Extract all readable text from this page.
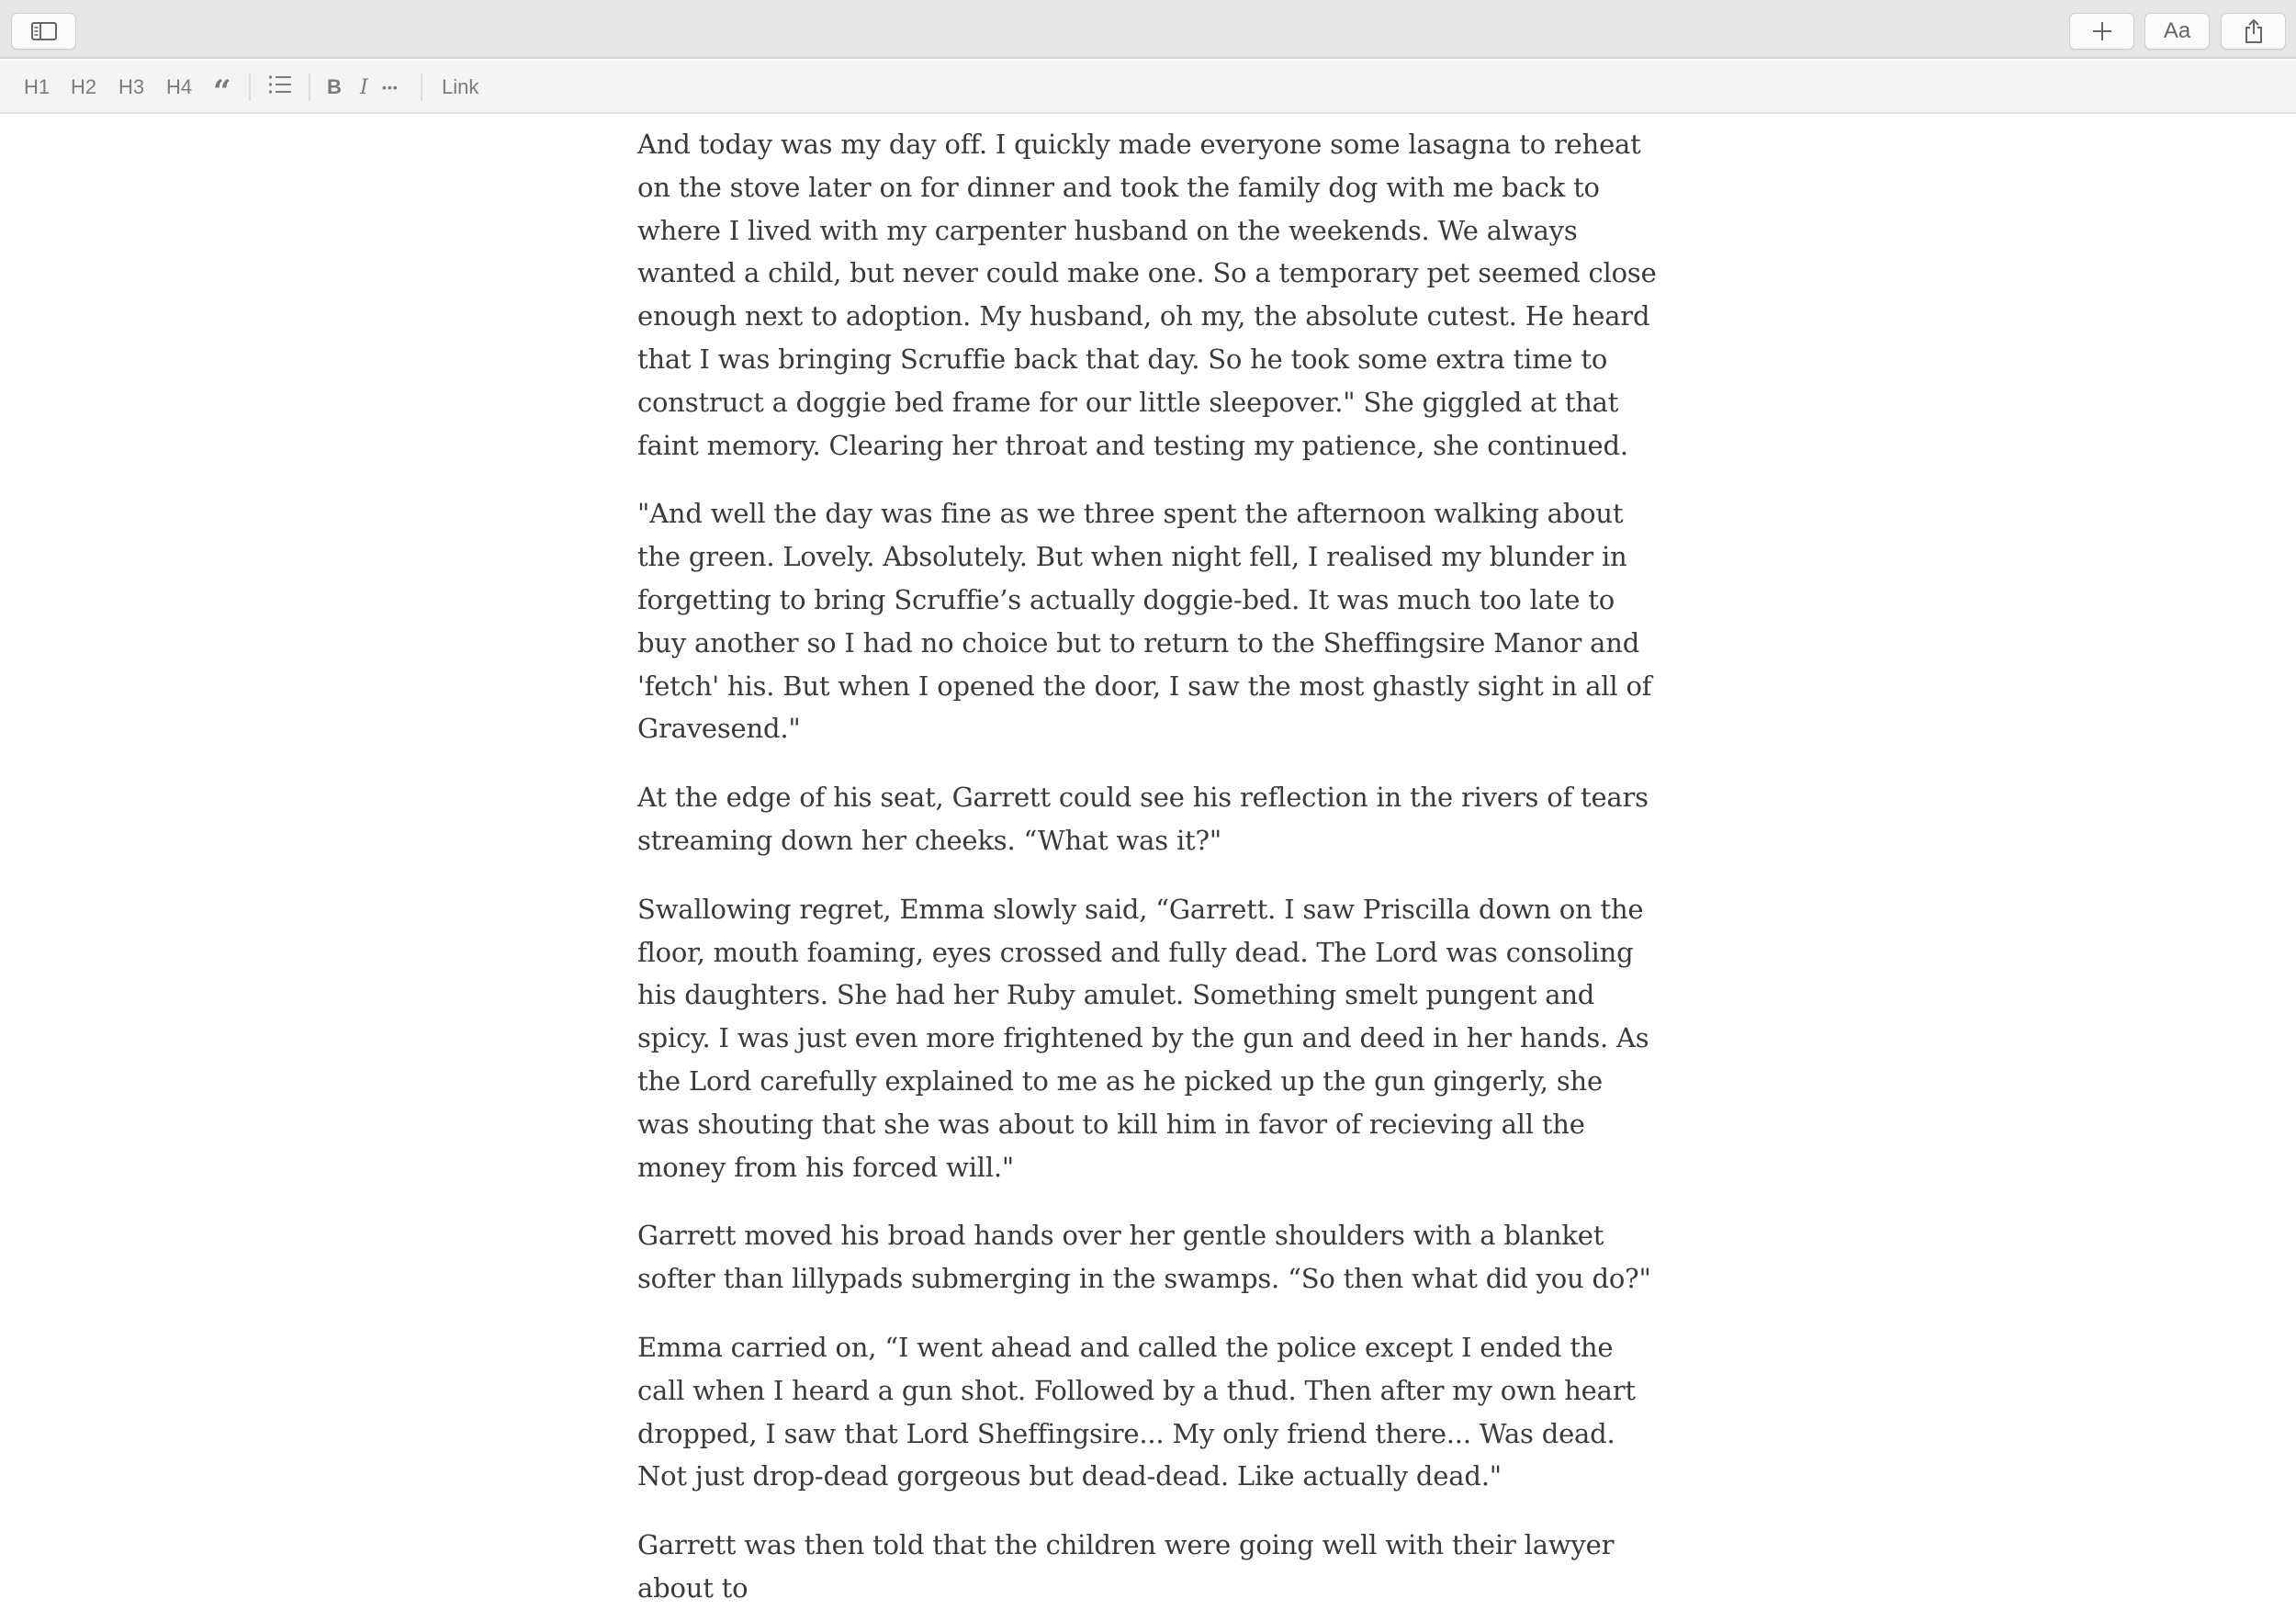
Aa
H1 H2 H3 H4 “	B I ••• Link

And today was my day off. I quickly made everyone some lasagna to reheat on the stove later on for dinner and took the family dog with me back to where I lived with my carpenter husband on the weekends. We always wanted a child, but never could make one. So a temporary pet seemed close enough next to adoption. My husband, oh my, the absolute cutest. He heard that I was bringing Scruffie back that day. So he took some extra time to construct a doggie bed frame for our little sleepover." She giggled at that faint memory. Clearing her throat and testing my patience, she continued.

"And well the day was fine as we three spent the afternoon walking about the green. Lovely. Absolutely. But when night fell, I realised my blunder in forgetting to bring Scruffie’s actually doggie-bed. It was much too late to buy another so I had no choice but to return to the Sheffingsire Manor and 'fetch' his. But when I opened the door, I saw the most ghastly sight in all of Gravesend."

At the edge of his seat, Garrett could see his reflection in the rivers of tears streaming down her cheeks. “What was it?"

Swallowing regret, Emma slowly said, “Garrett. I saw Priscilla down on the floor, mouth foaming, eyes crossed and fully dead. The Lord was consoling his daughters. She had her Ruby amulet. Something smelt pungent and spicy. I was just even more frightened by the gun and deed in her hands. As the Lord carefully explained to me as he picked up the gun gingerly, she was shouting that she was about to kill him in favor of recieving all the money from his forced will."

Garrett moved his broad hands over her gentle shoulders with a blanket softer than lillypads submerging in the swamps. “So then what did you do?"

Emma carried on, “I went ahead and called the police except I ended the call when I heard a gun shot. Followed by a thud. Then after my own heart dropped, I saw that Lord Sheffingsire... My only friend there... Was dead. Not just drop-dead gorgeous but dead-dead. Like actually dead."

Garrett was then told that the children were going well with their lawyer about to
